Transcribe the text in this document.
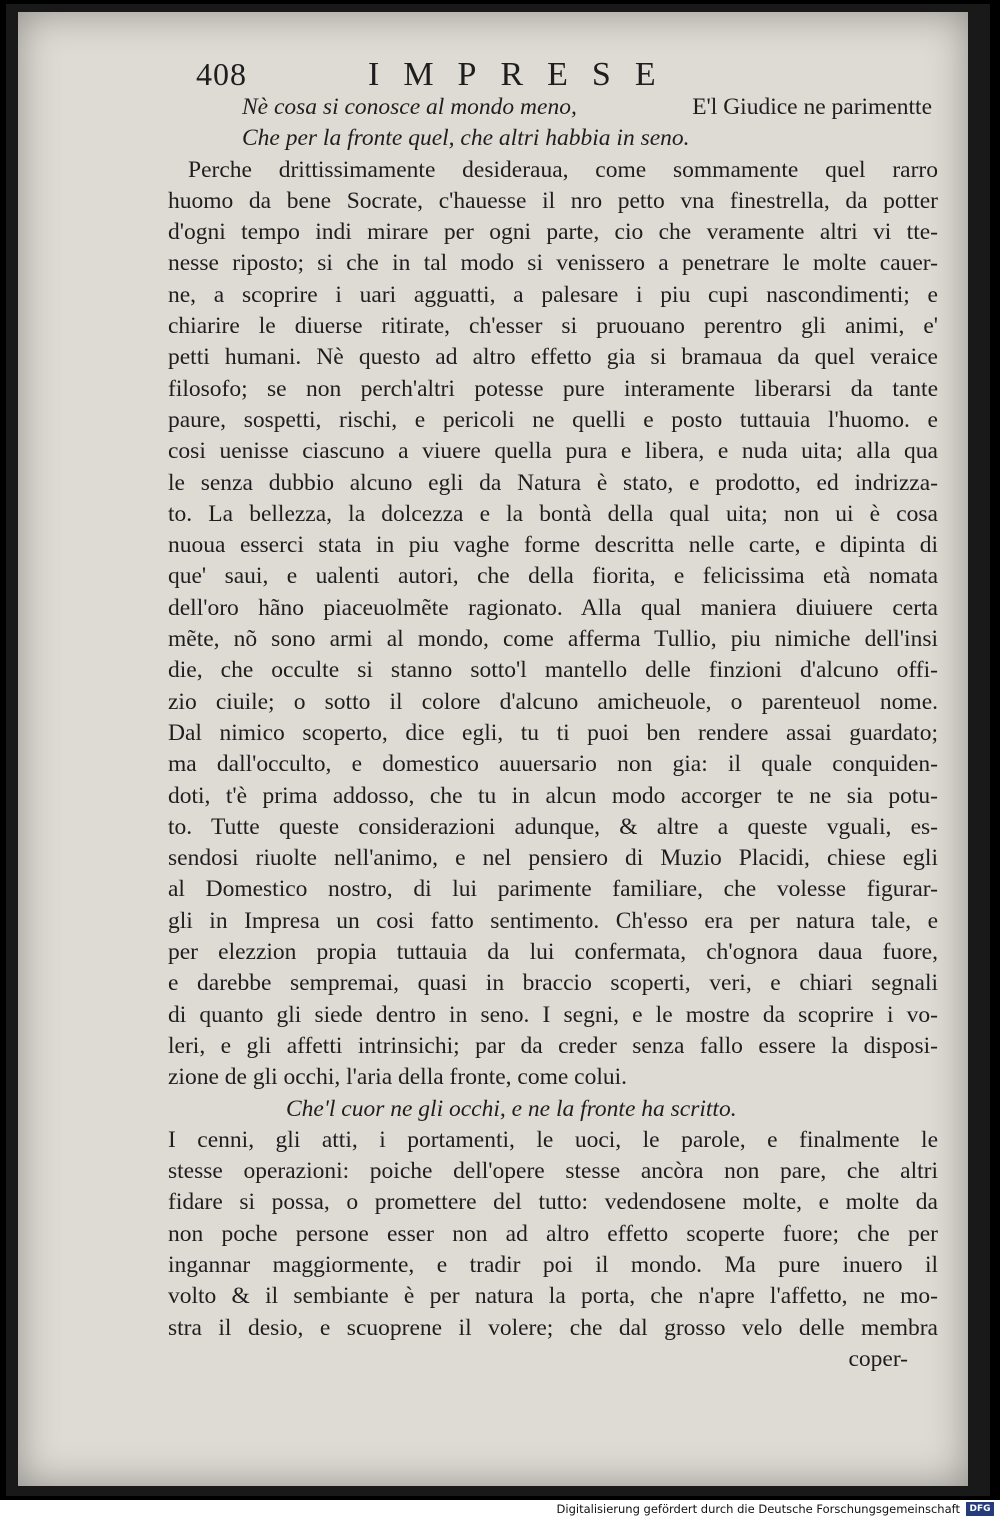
408	IMPRESE
Nè cosa si conosce al mondo meno,	E'l Giudice ne parimentte
Che per la fronte quel, che altri habbia in seno.
Perche drittissimamente desideraua, come sommamente quel rarro
huomo da bene Socrate, c'hauesse il nro petto vna finestrella, da potter
d'ogni tempo indi mirare per ogni parte, cio che veramente altri vi tte-
nesse riposto; si che in tal modo si venissero a penetrare le molte cauer-
ne, a scoprire i uari agguatti, a palesare i piu cupi nascondimenti; e
chiarire le diuerse ritirate, ch'esser si pruouano perentro gli animi, e'
petti humani. Nè questo ad altro effetto gia si bramaua da quel veraice
filosofo; se non perch'altri potesse pure interamente liberarsi da tante
paure, sospetti, rischi, e pericoli ne quelli e posto tuttauia l'huomo. e
cosi uenisse ciascuno a viuere quella pura e libera, e nuda uita; alla qua
le senza dubbio alcuno egli da Natura è stato, e prodotto, ed indrizza-
to. La bellezza, la dolcezza e la bontà della qual uita; non ui è cosa
nuoua esserci stata in piu vaghe forme descritta nelle carte, e dipinta di
que' saui, e ualenti autori, che della fiorita, e felicissima età nomata
dell'oro hãno piaceuolmẽte ragionato. Alla qual maniera diuiuere certa
mẽte, nõ sono armi al mondo, come afferma Tullio, piu nimiche dell'insi
die, che occulte si stanno sotto'l mantello delle finzioni d'alcuno offi-
zio ciuile; o sotto il colore d'alcuno amicheuole, o parenteuol nome.
Dal nimico scoperto, dice egli, tu ti puoi ben rendere assai guardato;
ma dall'occulto, e domestico auuersario non gia: il quale conquiden-
doti, t'è prima addosso, che tu in alcun modo accorger te ne sia potu-
to. Tutte queste considerazioni adunque, & altre a queste vguali, es-
sendosi riuolte nell'animo, e nel pensiero di Muzio Placidi, chiese egli
al Domestico nostro, di lui parimente familiare, che volesse figurar-
gli in Impresa un cosi fatto sentimento. Ch'esso era per natura tale, e
per elezzion propia tuttauia da lui confermata, ch'ognora daua fuore,
e darebbe sempremai, quasi in braccio scoperti, veri, e chiari segnali
di quanto gli siede dentro in seno. I segni, e le mostre da scoprire i vo-
leri, e gli affetti intrinsichi; par da creder senza fallo essere la disposi-
zione de gli occhi, l'aria della fronte, come colui.
Che'l cuor ne gli occhi, e ne la fronte ha scritto.
I cenni, gli atti, i portamenti, le uoci, le parole, e finalmente le
stesse operazioni: poiche dell'opere stesse ancòra non pare, che altri
fidare si possa, o promettere del tutto: vedendosene molte, e molte da
non poche persone esser non ad altro effetto scoperte fuore; che per
ingannar maggiormente, e tradir poi il mondo. Ma pure inuero il
volto & il sembiante è per natura la porta, che n'apre l'affetto, ne mo-
stra il desio, e scuoprene il volere; che dal grosso velo delle membra
coper-
Digitalisierung gefördert durch die Deutsche Forschungsgemeinschaft	DFG
